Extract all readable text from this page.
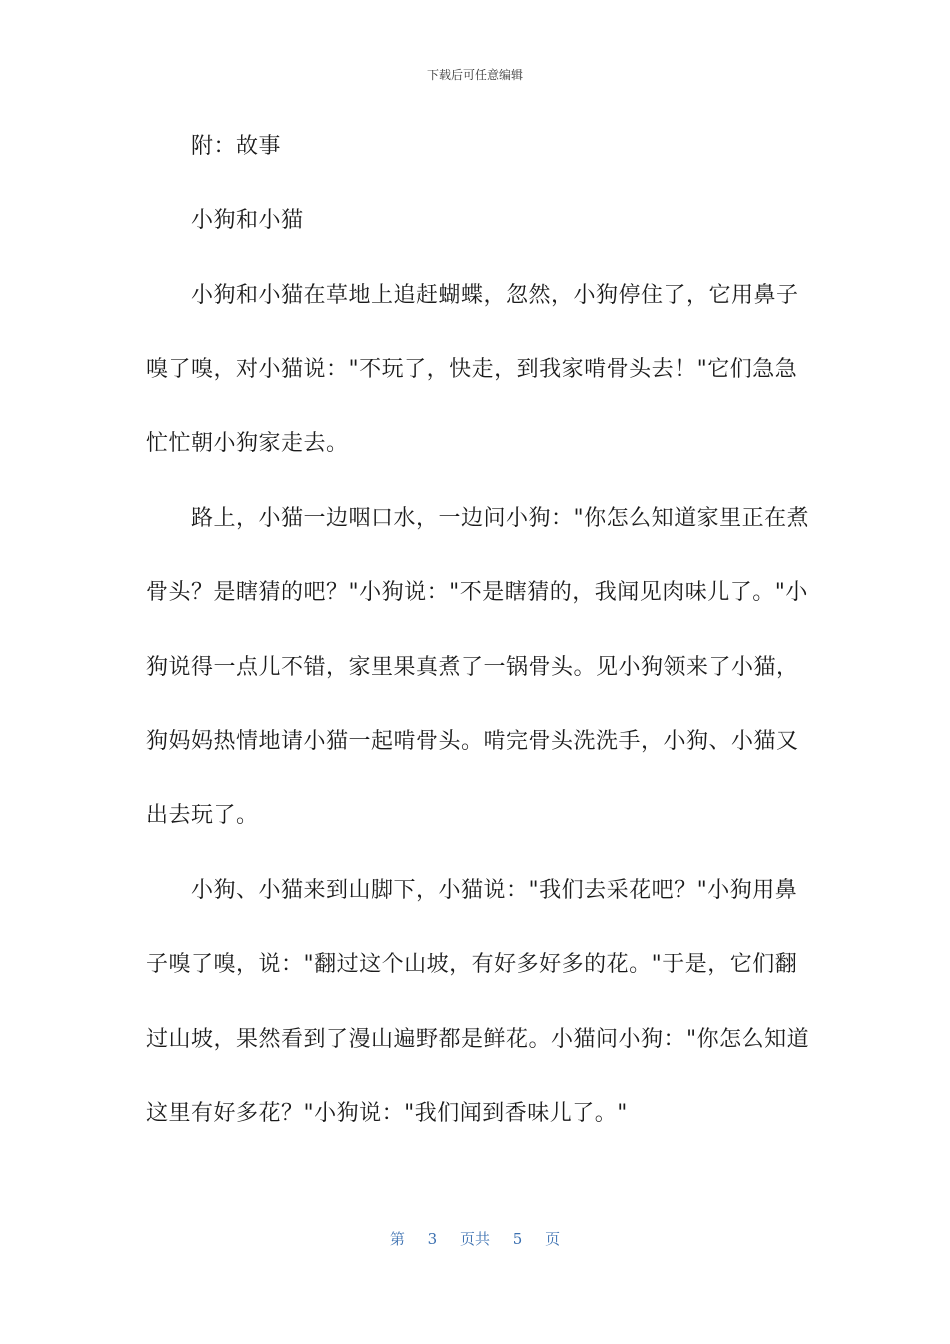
下载后可任意编辑
　　附：故事
　　小狗和小猫
　　小狗和小猫在草地上追赶蝴蝶，忽然，小狗停住了，它用鼻子
嗅了嗅，对小猫说："不玩了，快走，到我家啃骨头去！"它们急急
忙忙朝小狗家走去。
　　路上，小猫一边咽口水，一边问小狗："你怎么知道家里正在煮
骨头？是瞎猜的吧？"小狗说："不是瞎猜的，我闻见肉味儿了。"小
狗说得一点儿不错，家里果真煮了一锅骨头。见小狗领来了小猫，
狗妈妈热情地请小猫一起啃骨头。啃完骨头洗洗手，小狗、小猫又
出去玩了。
　　小狗、小猫来到山脚下，小猫说："我们去采花吧？"小狗用鼻
子嗅了嗅，说："翻过这个山坡，有好多好多的花。"于是，它们翻
过山坡，果然看到了漫山遍野都是鲜花。小猫问小狗："你怎么知道
这里有好多花？"小狗说："我们闻到香味儿了。"
第 3 页共 5 页
